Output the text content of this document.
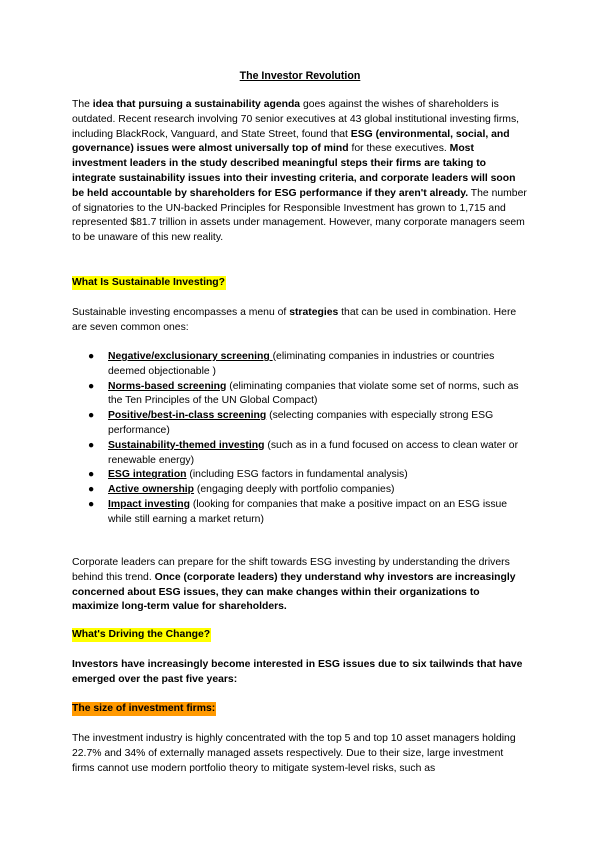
The Investor Revolution

The idea that pursuing a sustainability agenda goes against the wishes of shareholders is outdated. Recent research involving 70 senior executives at 43 global institutional investing firms, including BlackRock, Vanguard, and State Street, found that ESG (environmental, social, and governance) issues were almost universally top of mind for these executives. Most investment leaders in the study described meaningful steps their firms are taking to integrate sustainability issues into their investing criteria, and corporate leaders will soon be held accountable by shareholders for ESG performance if they aren't already. The number of signatories to the UN-backed Principles for Responsible Investment has grown to 1,715 and represented $81.7 trillion in assets under management. However, many corporate managers seem to be unaware of this new reality.

What Is Sustainable Investing?

Sustainable investing encompasses a menu of strategies that can be used in combination. Here are seven common ones:

● Negative/exclusionary screening (eliminating companies in industries or countries deemed objectionable )
● Norms-based screening (eliminating companies that violate some set of norms, such as the Ten Principles of the UN Global Compact)
● Positive/best-in-class screening (selecting companies with especially strong ESG performance)
● Sustainability-themed investing (such as in a fund focused on access to clean water or renewable energy)
● ESG integration (including ESG factors in fundamental analysis)
● Active ownership (engaging deeply with portfolio companies)
● Impact investing (looking for companies that make a positive impact on an ESG issue while still earning a market return)

Corporate leaders can prepare for the shift towards ESG investing by understanding the drivers behind this trend. Once (corporate leaders) they understand why investors are increasingly concerned about ESG issues, they can make changes within their organizations to maximize long-term value for shareholders.

What's Driving the Change?

Investors have increasingly become interested in ESG issues due to six tailwinds that have emerged over the past five years:

The size of investment firms:

The investment industry is highly concentrated with the top 5 and top 10 asset managers holding 22.7% and 34% of externally managed assets respectively. Due to their size, large investment firms cannot use modern portfolio theory to mitigate system-level risks, such as
